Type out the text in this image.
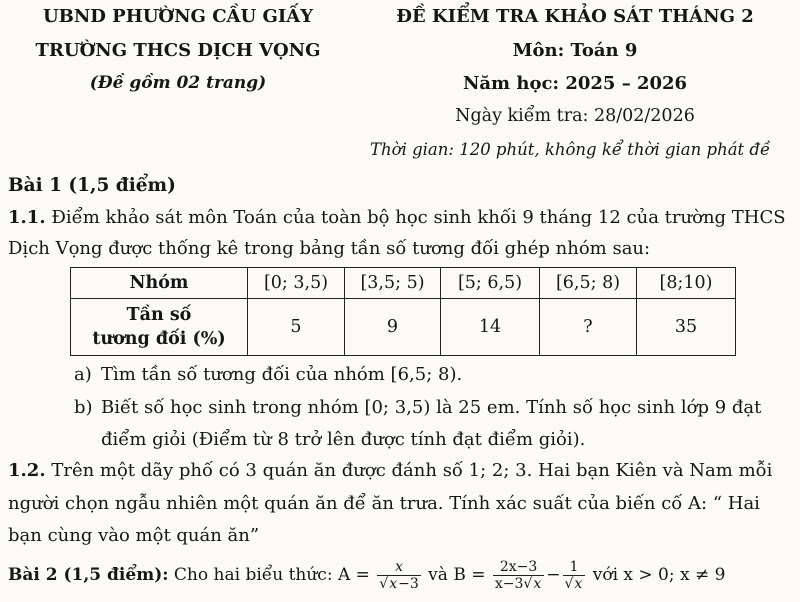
UBND PHƯỜNG CẦU GIẤY
TRƯỜNG THCS DỊCH VỌNG
(Đề gồm 02 trang)
ĐỀ KIỂM TRA KHẢO SÁT THÁNG 2
Môn: Toán 9
Năm học: 2025 – 2026
Ngày kiểm tra: 28/02/2026
Thời gian: 120 phút, không kể thời gian phát đề
Bài 1 (1,5 điểm)
1.1. Điểm khảo sát môn Toán của toàn bộ học sinh khối 9 tháng 12 của trường THCS
Dịch Vọng được thống kê trong bảng tần số tương đối ghép nhóm sau:
Nhóm	[0; 3,5)	[3,5; 5)	[5; 6,5)	[6,5; 8)	[8;10)
Tần số
tương đối (%)	5	9	14	?	35
a) Tìm tần số tương đối của nhóm [6,5; 8).
b) Biết số học sinh trong nhóm [0; 3,5) là 25 em. Tính số học sinh lớp 9 đạt
điểm giỏi (Điểm từ 8 trở lên được tính đạt điểm giỏi).
1.2. Trên một dãy phố có 3 quán ăn được đánh số 1; 2; 3. Hai bạn Kiên và Nam mỗi
người chọn ngẫu nhiên một quán ăn để ăn trưa. Tính xác suất của biến cố A: “ Hai
bạn cùng vào một quán ăn”
Bài 2 (1,5 điểm): Cho hai biểu thức: $A = \frac{x}{√x-3}$ và $B = \frac{2x-3}{x-3√x} - \frac{1}{√x}$ với x > 0; x ≠ 9
